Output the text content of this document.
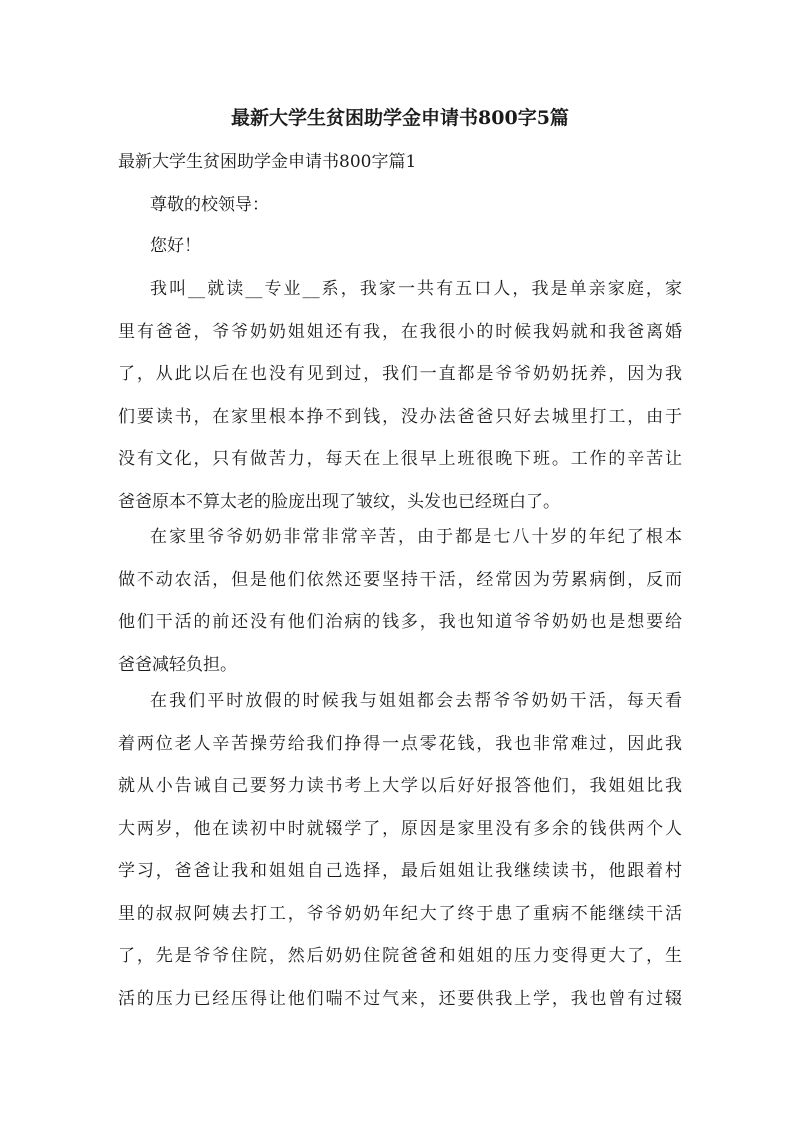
最新大学生贫困助学金申请书800字5篇

最新大学生贫困助学金申请书800字篇1

尊敬的校领导：

您好！

我叫__就读__专业__系，我家一共有五口人，我是单亲家庭，家
里有爸爸，爷爷奶奶姐姐还有我，在我很小的时候我妈就和我爸离婚
了，从此以后在也没有见到过，我们一直都是爷爷奶奶抚养，因为我
们要读书，在家里根本挣不到钱，没办法爸爸只好去城里打工，由于
没有文化，只有做苦力，每天在上很早上班很晚下班。工作的辛苦让
爸爸原本不算太老的脸庞出现了皱纹，头发也已经斑白了。
在家里爷爷奶奶非常非常辛苦，由于都是七八十岁的年纪了根本
做不动农活，但是他们依然还要坚持干活，经常因为劳累病倒，反而
他们干活的前还没有他们治病的钱多，我也知道爷爷奶奶也是想要给
爸爸减轻负担。
在我们平时放假的时候我与姐姐都会去帮爷爷奶奶干活，每天看
着两位老人辛苦操劳给我们挣得一点零花钱，我也非常难过，因此我
就从小告诫自己要努力读书考上大学以后好好报答他们，我姐姐比我
大两岁，他在读初中时就辍学了，原因是家里没有多余的钱供两个人
学习，爸爸让我和姐姐自己选择，最后姐姐让我继续读书，他跟着村
里的叔叔阿姨去打工，爷爷奶奶年纪大了终于患了重病不能继续干活
了，先是爷爷住院，然后奶奶住院爸爸和姐姐的压力变得更大了，生
活的压力已经压得让他们喘不过气来，还要供我上学，我也曾有过辍
